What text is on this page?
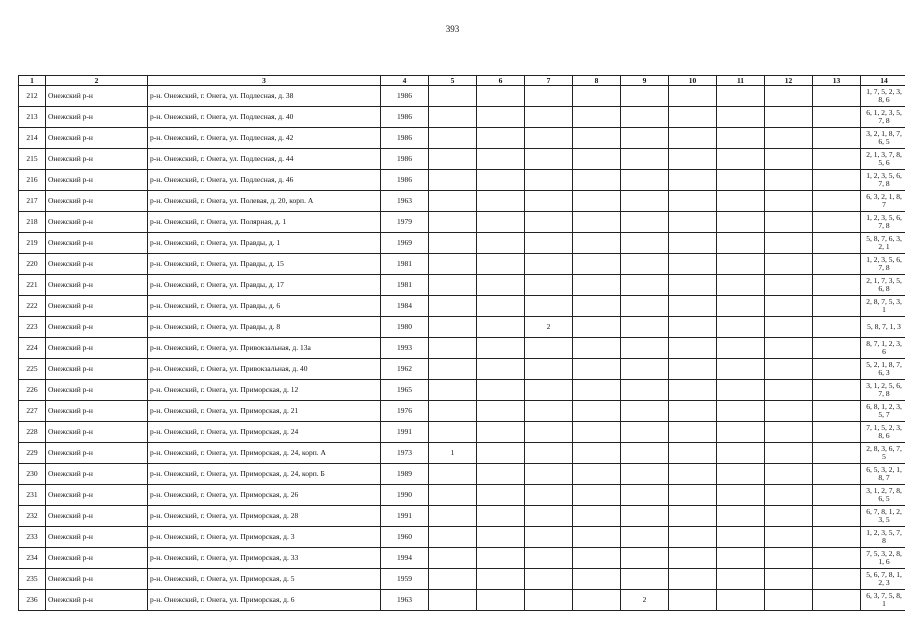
393
1	2	3	4	5	6	7	8	9	10	11	12	13	14
212	Онежский р-н	р-н. Онежский, г. Онега, ул. Подлесная, д. 38	1986										1, 7, 5, 2, 3,
8, 6

213	Онежский р-н	р-н. Онежский, г. Онега, ул. Подлесная, д. 40	1986										6, 1, 2, 3, 5,
7, 8

214	Онежский р-н	р-н. Онежский, г. Онега, ул. Подлесная, д. 42	1986										3, 2, 1, 8, 7,
6, 5

215	Онежский р-н	р-н. Онежский, г. Онега, ул. Подлесная, д. 44	1986										2, 1, 3, 7, 8,
5, 6

216	Онежский р-н	р-н. Онежский, г. Онега, ул. Подлесная, д. 46	1986										1, 2, 3, 5, 6,
7, 8

217	Онежский р-н	р-н. Онежский, г. Онега, ул. Полевая, д. 20, корп. А	1963										6, 3, 2, 1, 8,
7

218	Онежский р-н	р-н. Онежский, г. Онега, ул. Полярная, д. 1	1979										1, 2, 3, 5, 6,
7, 8

219	Онежский р-н	р-н. Онежский, г. Онега, ул. Правды, д. 1	1969										5, 8, 7, 6, 3,
2, 1

220	Онежский р-н	р-н. Онежский, г. Онега, ул. Правды, д. 15	1981										1, 2, 3, 5, 6,
7, 8

221	Онежский р-н	р-н. Онежский, г. Онега, ул. Правды, д. 17	1981										2, 1, 7, 3, 5,
6, 8

222	Онежский р-н	р-н. Онежский, г. Онега, ул. Правды, д. 6	1984										2, 8, 7, 5, 3,
1

223	Онежский р-н	р-н. Онежский, г. Онега, ул. Правды, д. 8	1980			2							5, 8, 7, 1, 3

224	Онежский р-н	р-н. Онежский, г. Онега, ул. Привокзальная, д. 13а	1993										8, 7, 1, 2, 3,
6

225	Онежский р-н	р-н. Онежский, г. Онега, ул. Привокзальная, д. 40	1962										5, 2, 1, 8, 7,
6, 3

226	Онежский р-н	р-н. Онежский, г. Онега, ул. Приморская, д. 12	1965										3, 1, 2, 5, 6,
7, 8

227	Онежский р-н	р-н. Онежский, г. Онега, ул. Приморская, д. 21	1976										6, 8, 1, 2, 3,
5, 7

228	Онежский р-н	р-н. Онежский, г. Онега, ул. Приморская, д. 24	1991										7, 1, 5, 2, 3,
8, 6

229	Онежский р-н	р-н. Онежский, г. Онега, ул. Приморская, д. 24, корп. А	1973	1									2, 8, 3, 6, 7,
5

230	Онежский р-н	р-н. Онежский, г. Онега, ул. Приморская, д. 24, корп. Б	1989										6, 5, 3, 2, 1,
8, 7

231	Онежский р-н	р-н. Онежский, г. Онега, ул. Приморская, д. 26	1990										3, 1, 2, 7, 8,
6, 5

232	Онежский р-н	р-н. Онежский, г. Онега, ул. Приморская, д. 28	1991										6, 7, 8, 1, 2,
3, 5

233	Онежский р-н	р-н. Онежский, г. Онега, ул. Приморская, д. 3	1960										1, 2, 3, 5, 7,
8

234	Онежский р-н	р-н. Онежский, г. Онега, ул. Приморская, д. 33	1994										7, 5, 3, 2, 8,
1, 6

235	Онежский р-н	р-н. Онежский, г. Онега, ул. Приморская, д. 5	1959										5, 6, 7, 8, 1,
2, 3

236	Онежский р-н	р-н. Онежский, г. Онега, ул. Приморская, д. 6	1963					2					6, 3, 7, 5, 8,
1
